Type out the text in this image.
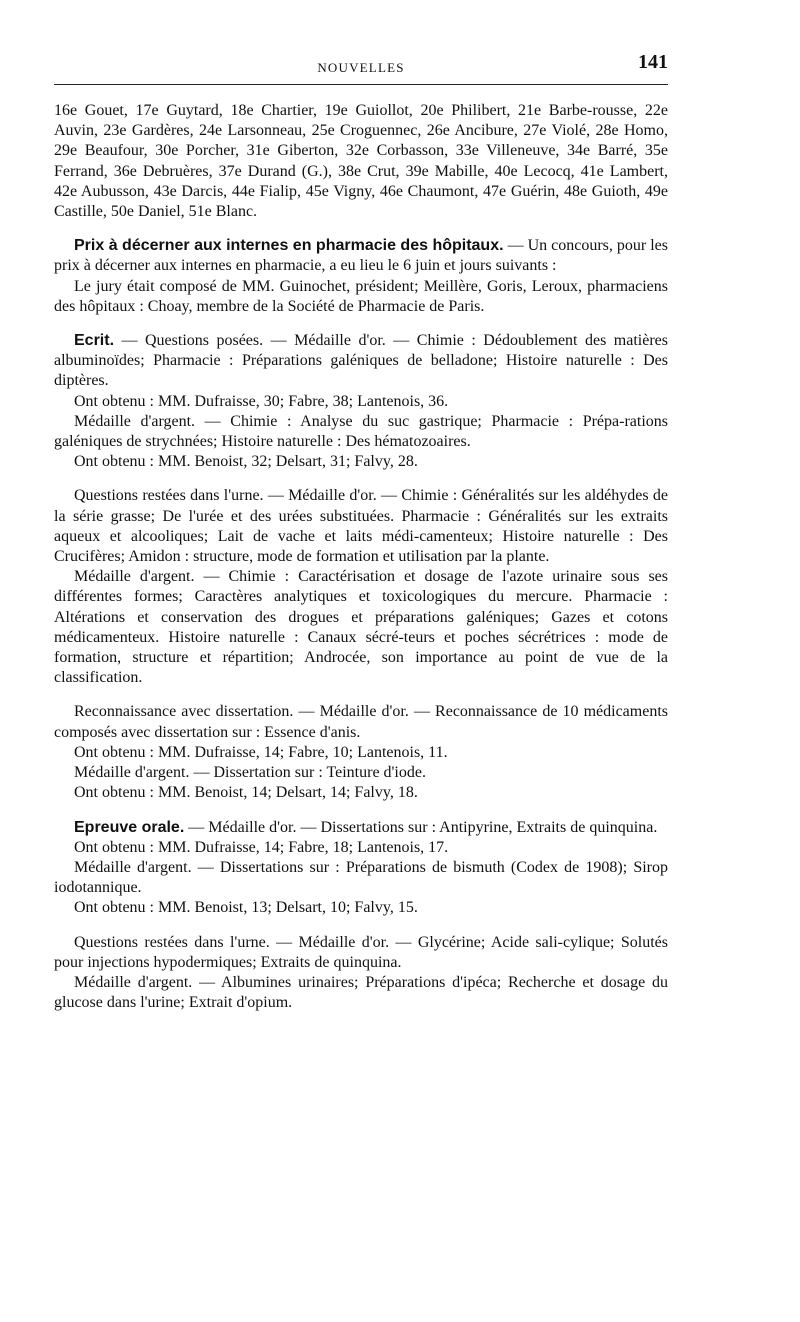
NOUVELLES	141

16e Gouet, 17e Guytard, 18e Chartier, 19e Guiollot, 20e Philibert, 21e Barbe-rousse, 22e Auvin, 23e Gardères, 24e Larsonneau, 25e Croguennec, 26e Ancibure, 27e Violé, 28e Homo, 29e Beaufour, 30e Porcher, 31e Giberton, 32e Corbasson, 33e Villeneuve, 34e Barré, 35e Ferrand, 36e Debruères, 37e Durand (G.), 38e Crut, 39e Mabille, 40e Lecocq, 41e Lambert, 42e Aubusson, 43e Darcis, 44e Fialip, 45e Vigny, 46e Chaumont, 47e Guérin, 48e Guioth, 49e Castille, 50e Daniel, 51e Blanc.

Prix à décerner aux internes en pharmacie des hôpitaux. — Un concours, pour les prix à décerner aux internes en pharmacie, a eu lieu le 6 juin et jours suivants :

Le jury était composé de MM. Guinochet, président; Meillère, Goris, Leroux, pharmaciens des hôpitaux : Choay, membre de la Société de Pharmacie de Paris.

Ecrit. — Questions posées. — Médaille d'or. — Chimie : Dédoublement des matières albuminoïdes; Pharmacie : Préparations galéniques de belladone; Histoire naturelle : Des diptères.

Ont obtenu : MM. Dufraisse, 30; Fabre, 38; Lantenois, 36.

Médaille d'argent. — Chimie : Analyse du suc gastrique; Pharmacie : Prépa-rations galéniques de strychnées; Histoire naturelle : Des hématozoaires.

Ont obtenu : MM. Benoist, 32; Delsart, 31; Falvy, 28.

Questions restées dans l'urne. — Médaille d'or. — Chimie : Généralités sur les aldéhydes de la série grasse; De l'urée et des urées substituées. Pharmacie : Généralités sur les extraits aqueux et alcooliques; Lait de vache et laits médi-camenteux; Histoire naturelle : Des Crucifères; Amidon : structure, mode de formation et utilisation par la plante.

Médaille d'argent. — Chimie : Caractérisation et dosage de l'azote urinaire sous ses différentes formes; Caractères analytiques et toxicologiques du mercure. Pharmacie : Altérations et conservation des drogues et préparations galéniques; Gazes et cotons médicamenteux. Histoire naturelle : Canaux sécré-teurs et poches sécrétrices : mode de formation, structure et répartition; Androcée, son importance au point de vue de la classification.

Reconnaissance avec dissertation. — Médaille d'or. — Reconnaissance de 10 médicaments composés avec dissertation sur : Essence d'anis.

Ont obtenu : MM. Dufraisse, 14; Fabre, 10; Lantenois, 11.

Médaille d'argent. — Dissertation sur : Teinture d'iode.

Ont obtenu : MM. Benoist, 14; Delsart, 14; Falvy, 18.

Epreuve orale. — Médaille d'or. — Dissertations sur : Antipyrine, Extraits de quinquina.

Ont obtenu : MM. Dufraisse, 14; Fabre, 18; Lantenois, 17.

Médaille d'argent. — Dissertations sur : Préparations de bismuth (Codex de 1908); Sirop iodotannique.

Ont obtenu : MM. Benoist, 13; Delsart, 10; Falvy, 15.

Questions restées dans l'urne. — Médaille d'or. — Glycérine; Acide sali-cylique; Solutés pour injections hypodermiques; Extraits de quinquina.

Médaille d'argent. — Albumines urinaires; Préparations d'ipéca; Recherche et dosage du glucose dans l'urine; Extrait d'opium.
